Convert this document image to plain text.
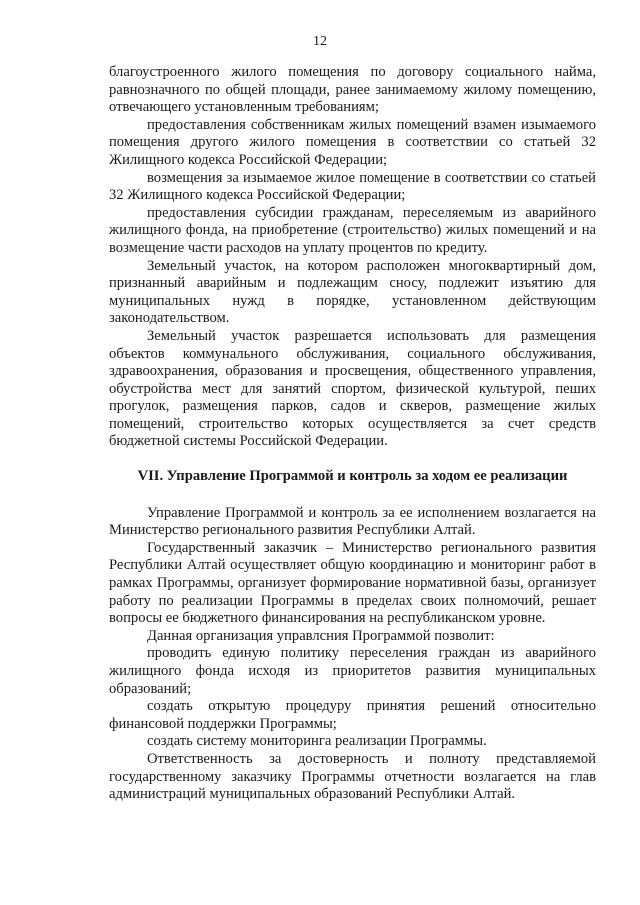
12

благоустроенного жилого помещения по договору социального найма, равнозначного по общей площади, ранее занимаемому жилому помещению, отвечающего установленным требованиям;

предоставления собственникам жилых помещений взамен изымаемого помещения другого жилого помещения в соответствии со статьей 32 Жилищного кодекса Российской Федерации;

возмещения за изымаемое жилое помещение в соответствии со статьей 32 Жилищного кодекса Российской Федерации;

предоставления субсидии гражданам, переселяемым из аварийного жилищного фонда, на приобретение (строительство) жилых помещений и на возмещение части расходов на уплату процентов по кредиту.

Земельный участок, на котором расположен многоквартирный дом, признанный аварийным и подлежащим сносу, подлежит изъятию для муниципальных нужд в порядке, установленном действующим законодательством.

Земельный участок разрешается использовать для размещения объектов коммунального обслуживания, социального обслуживания, здравоохранения, образования и просвещения, общественного управления, обустройства мест для занятий спортом, физической культурой, пеших прогулок, размещения парков, садов и скверов, размещение жилых помещений, строительство которых осуществляется за счет средств бюджетной системы Российской Федерации.

VII. Управление Программой и контроль за ходом ее реализации

Управление Программой и контроль за ее исполнением возлагается на Министерство регионального развития Республики Алтай.

Государственный заказчик – Министерство регионального развития Республики Алтай осуществляет общую координацию и мониторинг работ в рамках Программы, организует формирование нормативной базы, организует работу по реализации Программы в пределах своих полномочий, решает вопросы ее бюджетного финансирования на республиканском уровне.

Данная организация управлсния Программой позволит:

проводить единую политику переселения граждан из аварийного жилищного фонда исходя из приоритетов развития муниципальных образований;

создать открытую процедуру принятия решений относительно финансовой поддержки Программы;

создать систему мониторинга реализации Программы.

Ответственность за достоверность и полноту представляемой государственному заказчику Программы отчетности возлагается на глав администраций муниципальных образований Республики Алтай.
